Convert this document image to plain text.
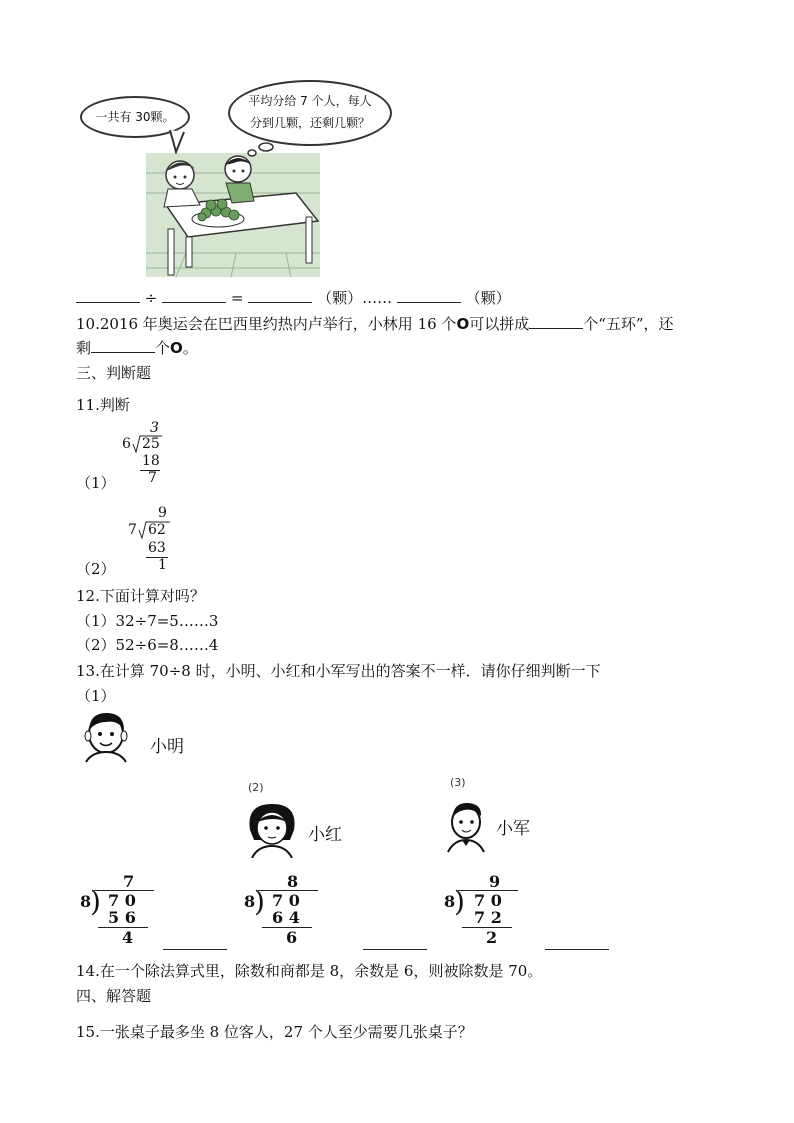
一共有 30颗。
平均分给 7 个人，每人
分到几颗，还剩几颗？
÷	=	（颗）……	（颗）
10.2016 年奥运会在巴西里约热内卢举行，小林用 16 个O可以拼成	个“五环”，还
剩	个O。
三、判断题
11.判断
3
6 25
18
7
（1）
9
7 62
63
1
（2）
12.下面计算对吗？
（1）32÷7=5……3
（2）52÷6=8……4
13.在计算 70÷8 时，小明、小红和小军写出的答案不一样．请你仔细判断一下
（1）
小明
(2)
小红
(3)
小军
7
8
) 7 0
5 6
4
8
8
) 7 0
6 4
6
9
8
) 7 0
7 2
2
14.在一个除法算式里，除数和商都是 8，余数是 6，则被除数是 70。
四、解答题
15.一张桌子最多坐 8 位客人，27 个人至少需要几张桌子？
